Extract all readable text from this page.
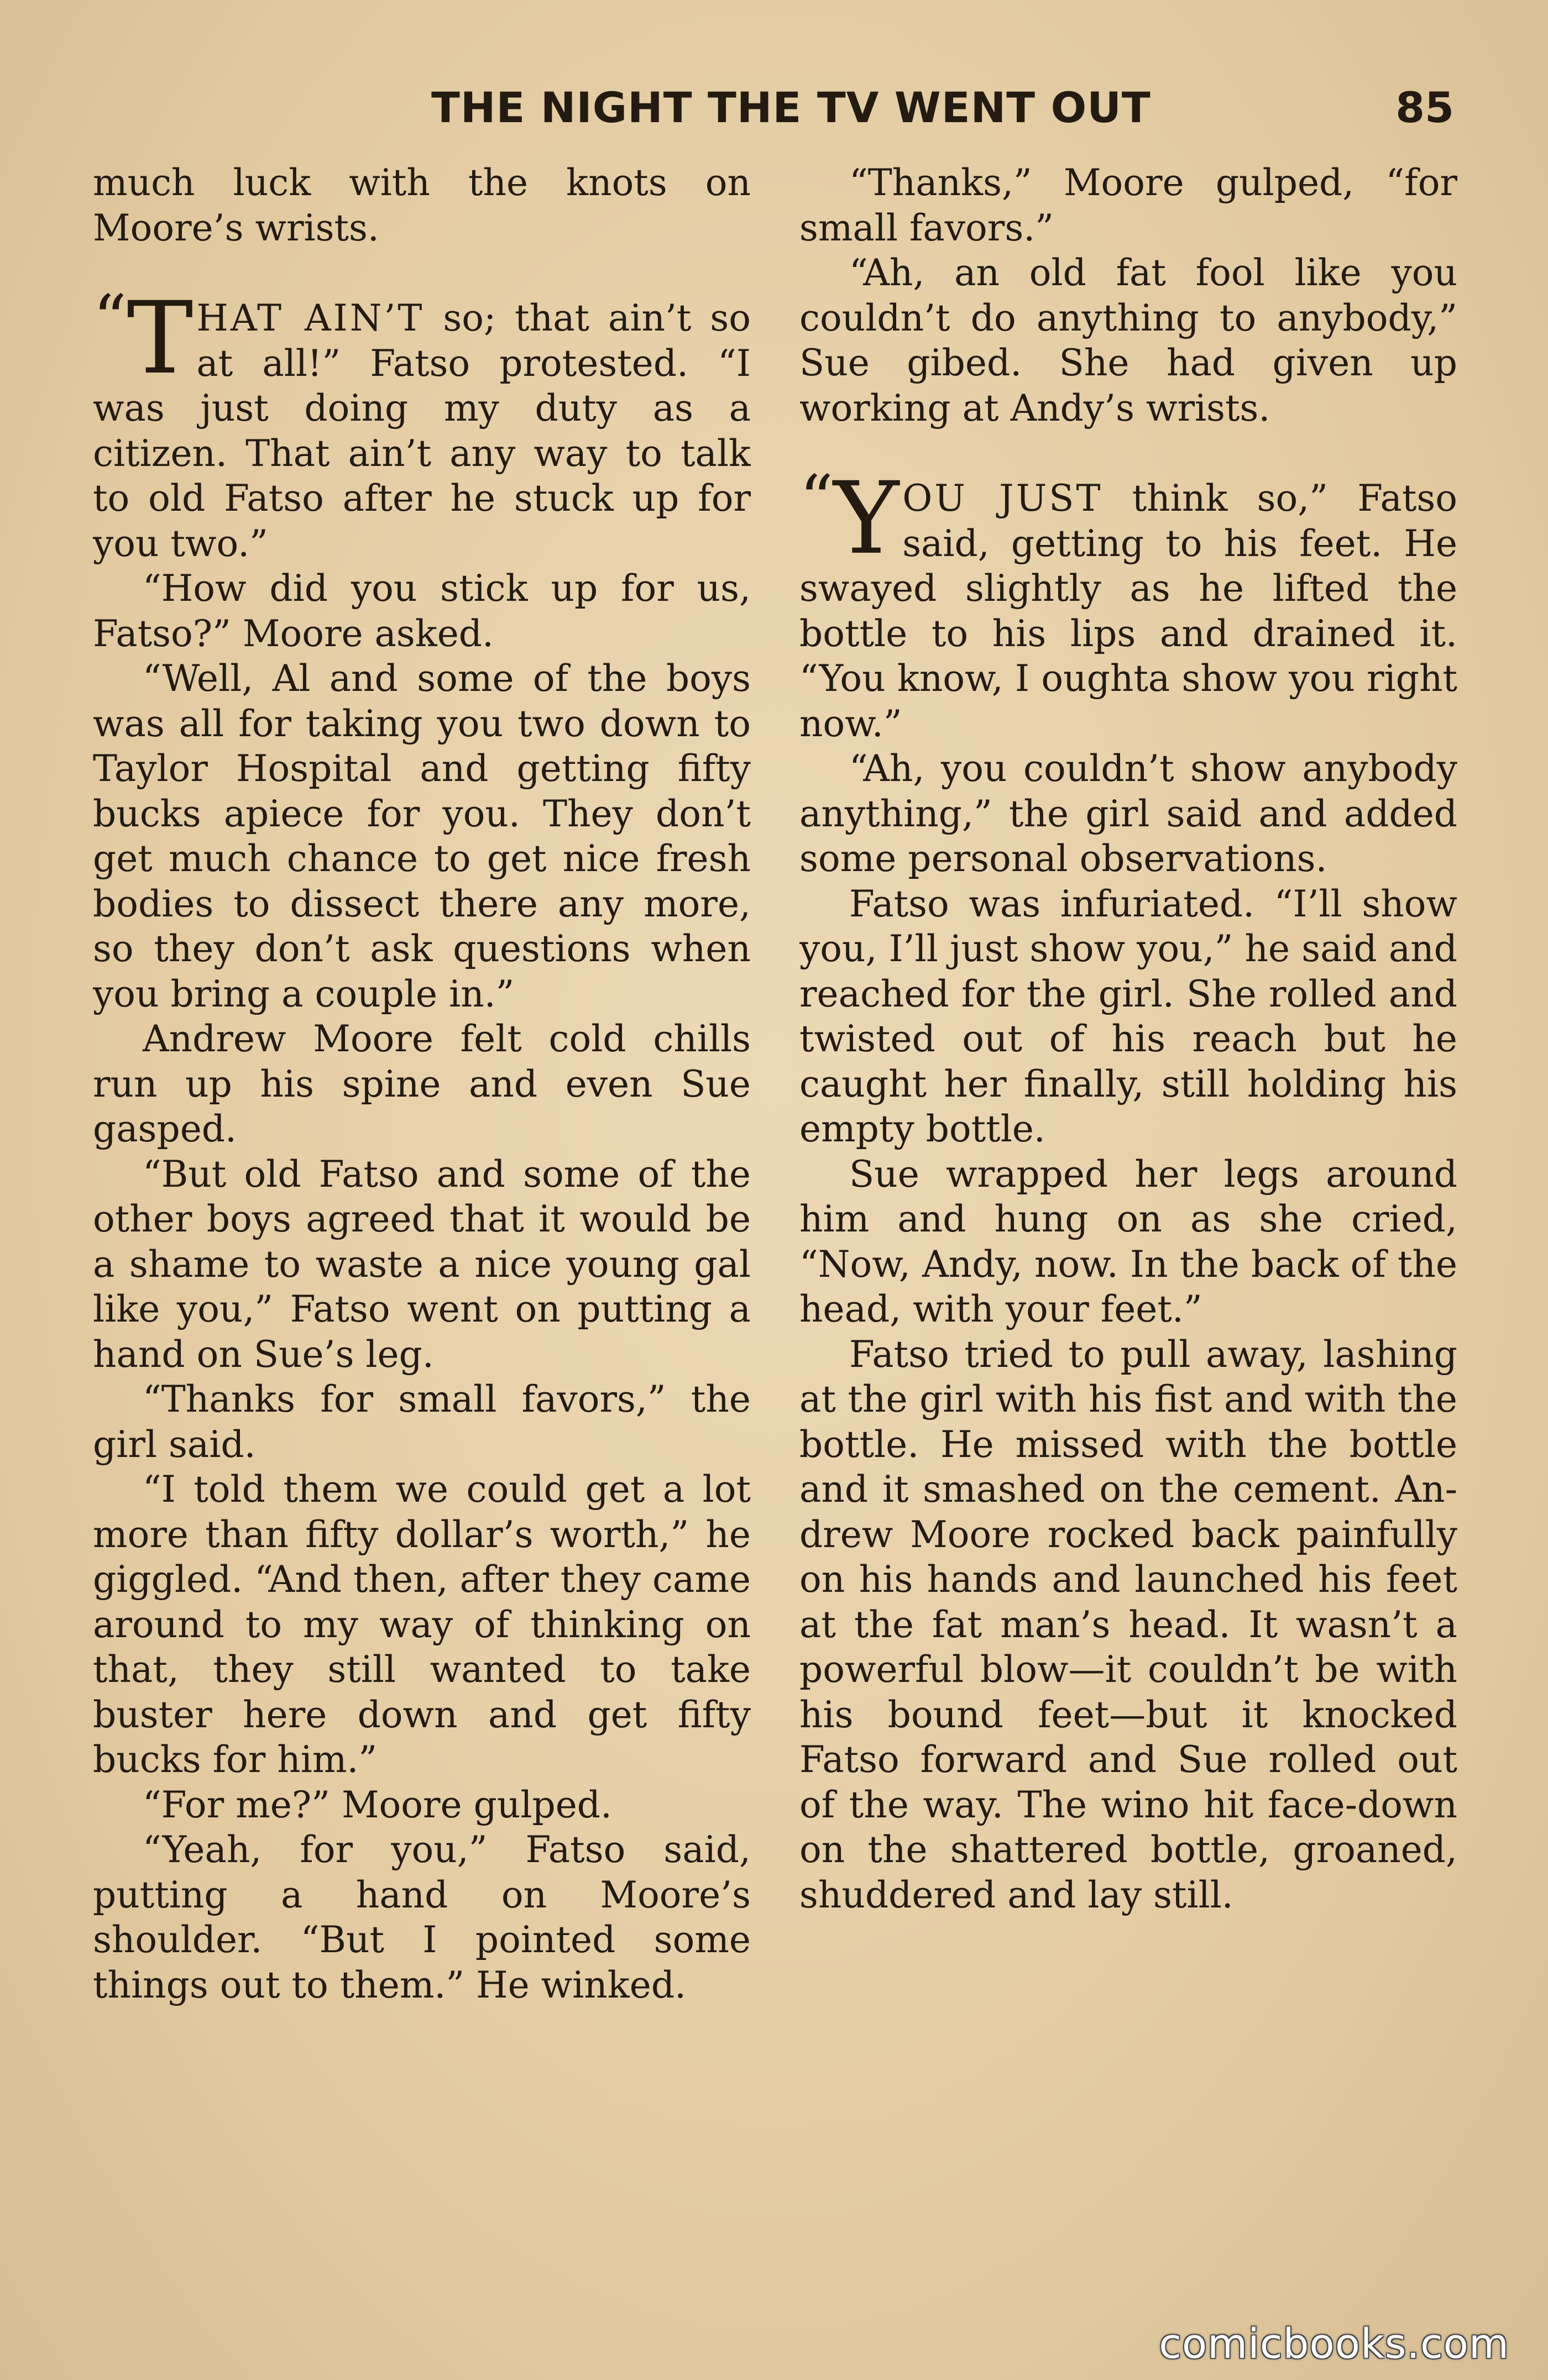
THE NIGHT THE TV WENT OUT	85

much luck with the knots on Moore’s wrists.

“T HAT AIN’T so; that ain’t so at all!” Fatso protested. “I was just doing my duty as a citizen. That ain’t any way to talk to old Fatso after he stuck up for you two.”

“How did you stick up for us, Fatso?” Moore asked.

“Well, Al and some of the boys was all for taking you two down to Taylor Hospital and getting fifty bucks apiece for you. They don’t get much chance to get nice fresh bodies to dissect there any more, so they don’t ask questions when you bring a couple in.”

Andrew Moore felt cold chills run up his spine and even Sue gasped.

“But old Fatso and some of the other boys agreed that it would be a shame to waste a nice young gal like you,” Fatso went on putting a hand on Sue’s leg.

“Thanks for small favors,” the girl said.

“I told them we could get a lot more than fifty dollar’s worth,” he giggled. “And then, after they came around to my way of thinking on that, they still wanted to take buster here down and get fifty bucks for him.”

“For me?” Moore gulped.

“Yeah, for you,” Fatso said, putting a hand on Moore’s shoulder. “But I pointed some things out to them.” He winked.

“Thanks,” Moore gulped, “for small favors.”

“Ah, an old fat fool like you couldn’t do anything to anybody,” Sue gibed. She had given up working at Andy’s wrists.

“Y OU JUST think so,” Fatso said, getting to his feet. He swayed slightly as he lifted the bottle to his lips and drained it. “You know, I oughta show you right now.”

“Ah, you couldn’t show anybody anything,” the girl said and added some personal observations.

Fatso was infuriated. “I’ll show you, I’ll just show you,” he said and reached for the girl. She rolled and twisted out of his reach but he caught her finally, still holding his empty bottle.

Sue wrapped her legs around him and hung on as she cried, “Now, Andy, now. In the back of the head, with your feet.”

Fatso tried to pull away, lashing at the girl with his fist and with the bottle. He missed with the bottle and it smashed on the cement. Andrew Moore rocked back painfully on his hands and launched his feet at the fat man’s head. It wasn’t a powerful blow—it couldn’t be with his bound feet—but it knocked Fatso forward and Sue rolled out of the way. The wino hit face-down on the shattered bottle, groaned, shuddered and lay still.

comicbooks.com
